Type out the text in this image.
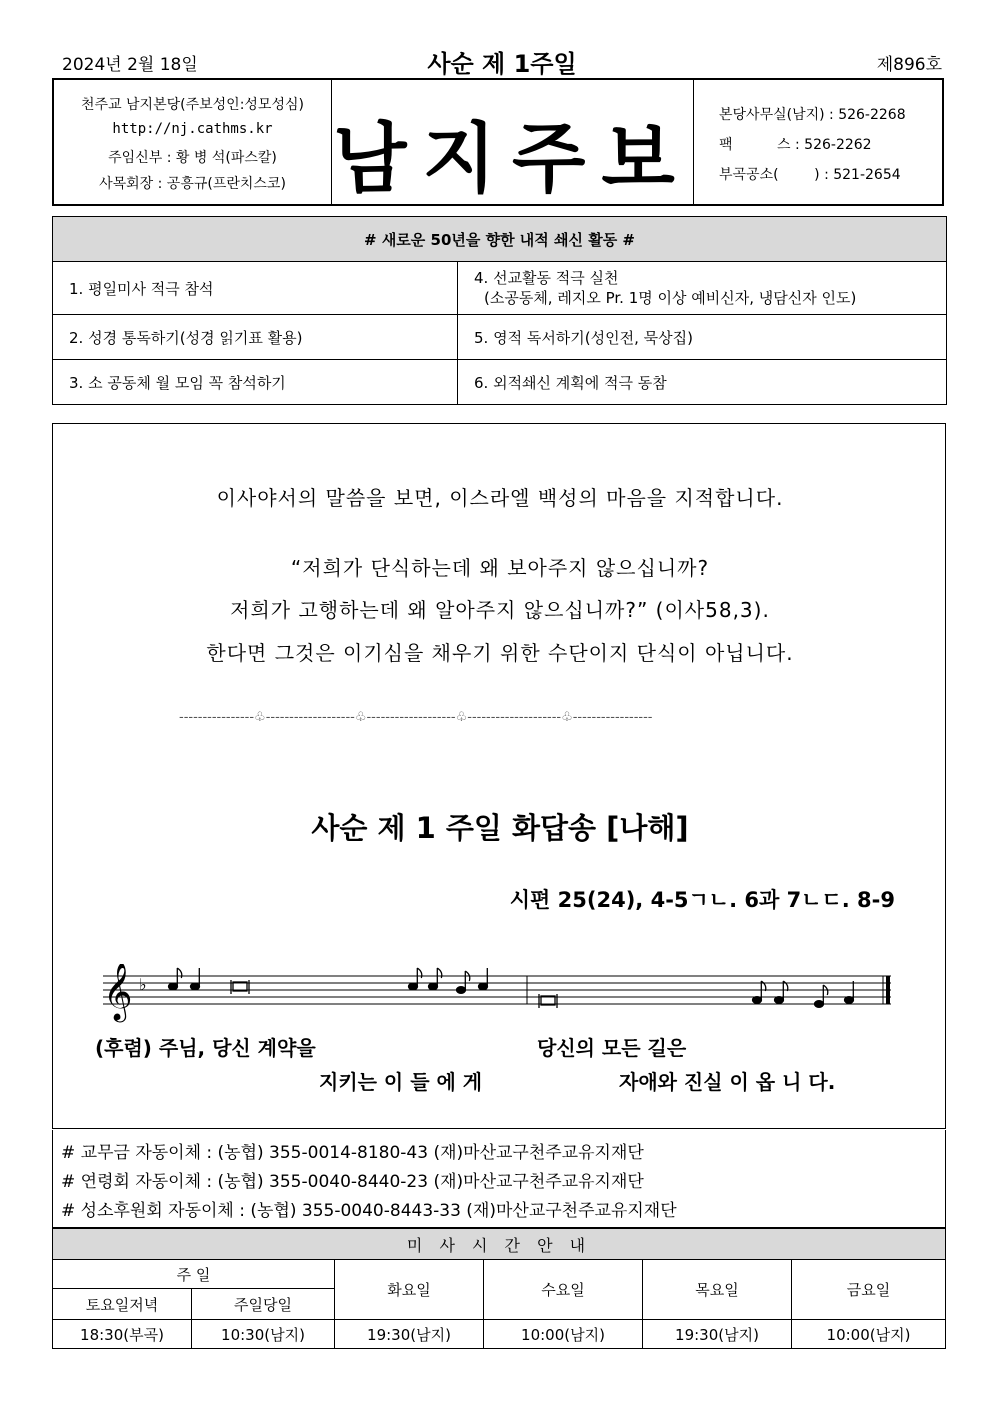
2024년 2월 18일	사순 제 1주일	제896호
천주교 남지본당(주보성인:성모성심)
http://nj.cathms.kr
주임신부 : 황 병 석(파스칼)
사목회장 : 공흥규(프란치스코) 남지주보 본당사무실(남지) : 526-2268
팩          스 : 526-2262
부곡공소(        ) : 521-2654
# 새로운 50년을 향한 내적 쇄신 활동 #	
1. 평일미사 적극 참석	4. 선교활동 적극 실천
(소공동체, 레지오 Pr. 1명 이상 예비신자, 냉담신자 인도)

2. 성경 통독하기(성경 읽기표 활용)	5. 영적 독서하기(성인전, 묵상집)
3. 소 공동체 월 모임 꼭 참석하기	6. 외적쇄신 계획에 적극 동참
이사야서의 말씀을 보면, 이스라엘 백성의 마음을 지적합니다.
“저희가 단식하는데 왜 보아주지 않으십니까?
저희가 고행하는데 왜 알아주지 않으십니까?” (이사58,3).
한다면 그것은 이기심을 채우기 위한 수단이지 단식이 아닙니다.
----------------♧-------------------♧-------------------♧--------------------♧-----------------
사순 제 1 주일 화답송 [나해]
시편 25(24), 4-5ㄱㄴ. 6과 7ㄴㄷ. 8-9
𝄞 ♭
(후렴) 주님, 당신 계약을
지키는 이 들 에 게
당신의 모든 길은
자애와 진실 이 옵 니 다.
# 교무금 자동이체 : (농협) 355-0014-8180-43 (재)마산교구천주교유지재단
# 연령회 자동이체 : (농협) 355-0040-8440-23 (재)마산교구천주교유지재단
# 성소후원회 자동이체 : (농협) 355-0040-8443-33 (재)마산교구천주교유지재단
미 사 시 간 안 내					
주 일		화요일	수요일	목요일	금요일
토요일저녁	주일당일				
18:30(부곡)	10:30(남지)	19:30(남지)	10:00(남지)	19:30(남지)	10:00(남지)
